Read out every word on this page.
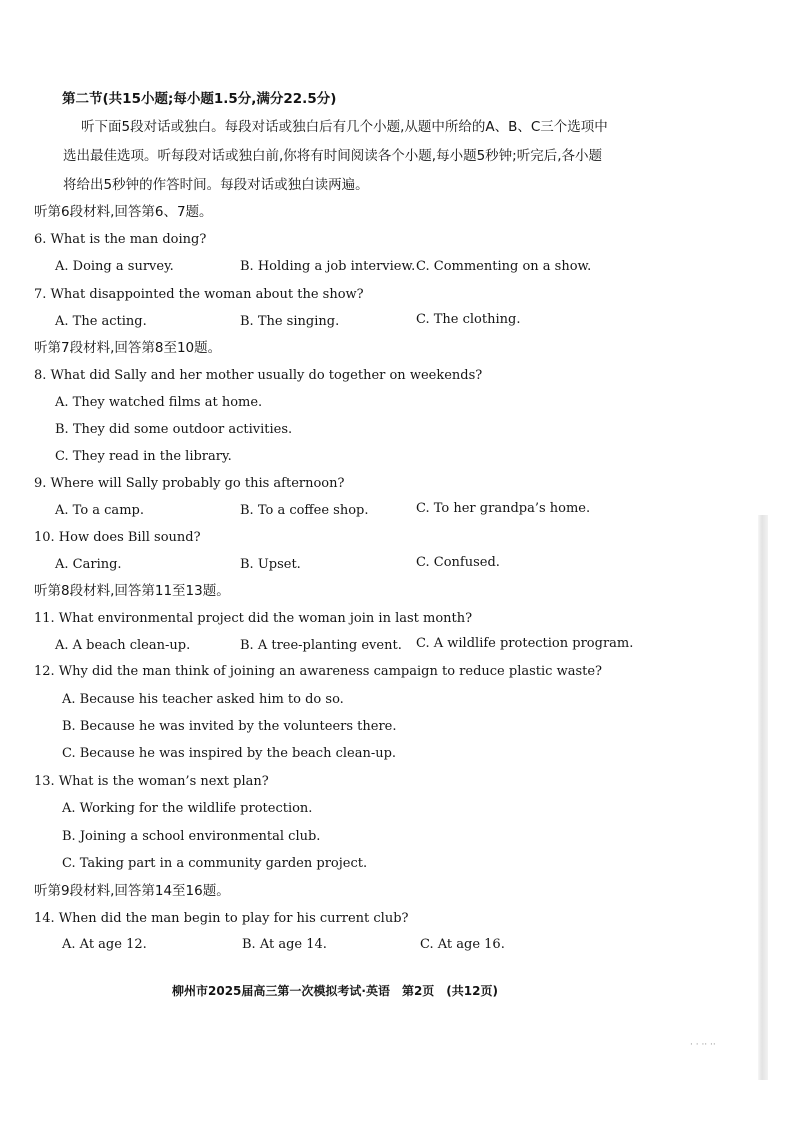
第二节(共15小题;每小题1.5分,满分22.5分)
听下面5段对话或独白。每段对话或独白后有几个小题,从题中所给的A、B、C三个选项中
选出最佳选项。听每段对话或独白前,你将有时间阅读各个小题,每小题5秒钟;听完后,各小题
将给出5秒钟的作答时间。每段对话或独白读两遍。
听第6段材料,回答第6、7题。
6. What is the man doing?
A. Doing a survey.	B. Holding a job interview. C. Commenting on a show.
7. What disappointed the woman about the show?
A. The acting.	B. The singing.	C. The clothing.
听第7段材料,回答第8至10题。
8. What did Sally and her mother usually do together on weekends?
A. They watched films at home.
B. They did some outdoor activities.
C. They read in the library.
9. Where will Sally probably go this afternoon?
A. To a camp.	B. To a coffee shop.	C. To her grandpa’s home.
10. How does Bill sound?
A. Caring.	B. Upset.	C. Confused.
听第8段材料,回答第11至13题。
11. What environmental project did the woman join in last month?
A. A beach clean-up.	B. A tree-planting event. C. A wildlife protection program.
12. Why did the man think of joining an awareness campaign to reduce plastic waste?
A. Because his teacher asked him to do so.
B. Because he was invited by the volunteers there.
C. Because he was inspired by the beach clean-up.
13. What is the woman’s next plan?
A. Working for the wildlife protection.
B. Joining a school environmental club.
C. Taking part in a community garden project.
听第9段材料,回答第14至16题。
14. When did the man begin to play for his current club?
A. At age 12.	B. At age 14.	C. At age 16.
柳州市2025届高三第一次模拟考试·英语　第2页　(共12页)
· · ·· ··
